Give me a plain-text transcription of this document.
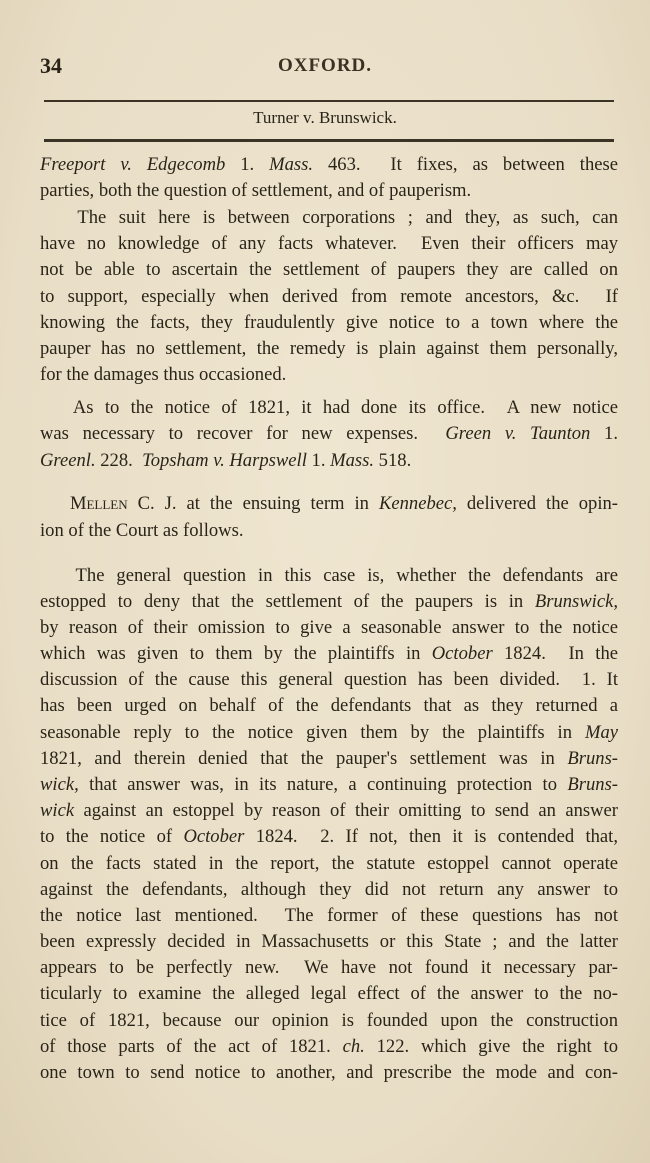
34	OXFORD.
Turner v. Brunswick.
Freeport v. Edgecomb 1. Mass. 463.  It fixes, as between these
parties, both the question of settlement, and of pauperism.
The suit here is between corporations ; and they, as such, can
have no knowledge of any facts whatever.  Even their officers may
not be able to ascertain the settlement of paupers they are called on
to support, especially when derived from remote ancestors, &c.  If
knowing the facts, they fraudulently give notice to a town where the
pauper has no settlement, the remedy is plain against them personally,
for the damages thus occasioned.
As to the notice of 1821, it had done its office.  A new notice
was necessary to recover for new expenses.  Green v. Taunton 1.
Greenl. 228.  Topsham v. Harpswell 1. Mass. 518.
Mellen C. J. at the ensuing term in Kennebec, delivered the opin-
ion of the Court as follows.
The general question in this case is, whether the defendants are
estopped to deny that the settlement of the paupers is in Brunswick,
by reason of their omission to give a seasonable answer to the notice
which was given to them by the plaintiffs in October 1824.  In the
discussion of the cause this general question has been divided.  1. It
has been urged on behalf of the defendants that as they returned a
seasonable reply to the notice given them by the plaintiffs in May
1821, and therein denied that the pauper's settlement was in Bruns-
wick, that answer was, in its nature, a continuing protection to Bruns-
wick against an estoppel by reason of their omitting to send an answer
to the notice of October 1824.  2. If not, then it is contended that,
on the facts stated in the report, the statute estoppel cannot operate
against the defendants, although they did not return any answer to
the notice last mentioned.  The former of these questions has not
been expressly decided in Massachusetts or this State ; and the latter
appears to be perfectly new.  We have not found it necessary par-
ticularly to examine the alleged legal effect of the answer to the no-
tice of 1821, because our opinion is founded upon the construction
of those parts of the act of 1821. ch. 122. which give the right to
one town to send notice to another, and prescribe the mode and con-
